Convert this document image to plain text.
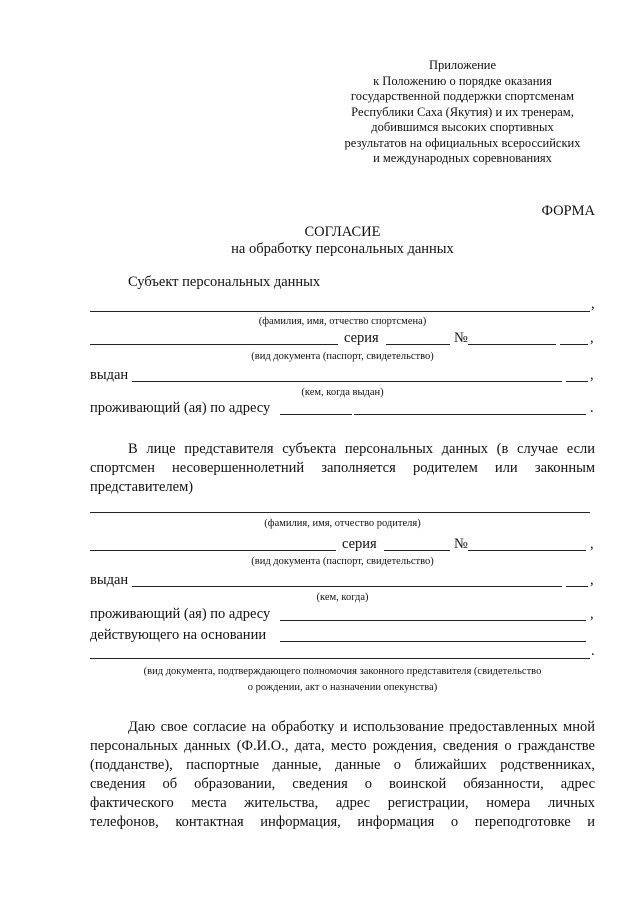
Приложение
к Положению о порядке оказания
государственной поддержки спортсменам
Республики Саха (Якутия) и их тренерам,
добившимся высоких спортивных
результатов на официальных всероссийских
и международных соревнованиях
ФОРМА
СОГЛАСИЕ
на обработку персональных данных
Субъект персональных данных
,
(фамилия, имя, отчество спортсмена)
серия	№	,
(вид документа (паспорт, свидетельство)
выдан	,
(кем, когда выдан)
проживающий (ая) по адресу	.
В лице представителя субъекта персональных данных (в случае если
спортсмен несовершеннолетний заполняется родителем или законным
представителем)
(фамилия, имя, отчество родителя)
серия	№	,
(вид документа (паспорт, свидетельство)
выдан	,
(кем, когда)
проживающий (ая) по адресу	,
действующего на основании
.
(вид документа, подтверждающего полномочия законного представителя (свидетельство
о рождении, акт о назначении опекунства)
Даю свое согласие на обработку и использование предоставленных мной
персональных данных (Ф.И.О., дата, место рождения, сведения о гражданстве
(подданстве), паспортные данные, данные о ближайших родственниках,
сведения об образовании, сведения о воинской обязанности, адрес
фактического места жительства, адрес регистрации, номера личных
телефонов, контактная информация, информация о переподготовке и
